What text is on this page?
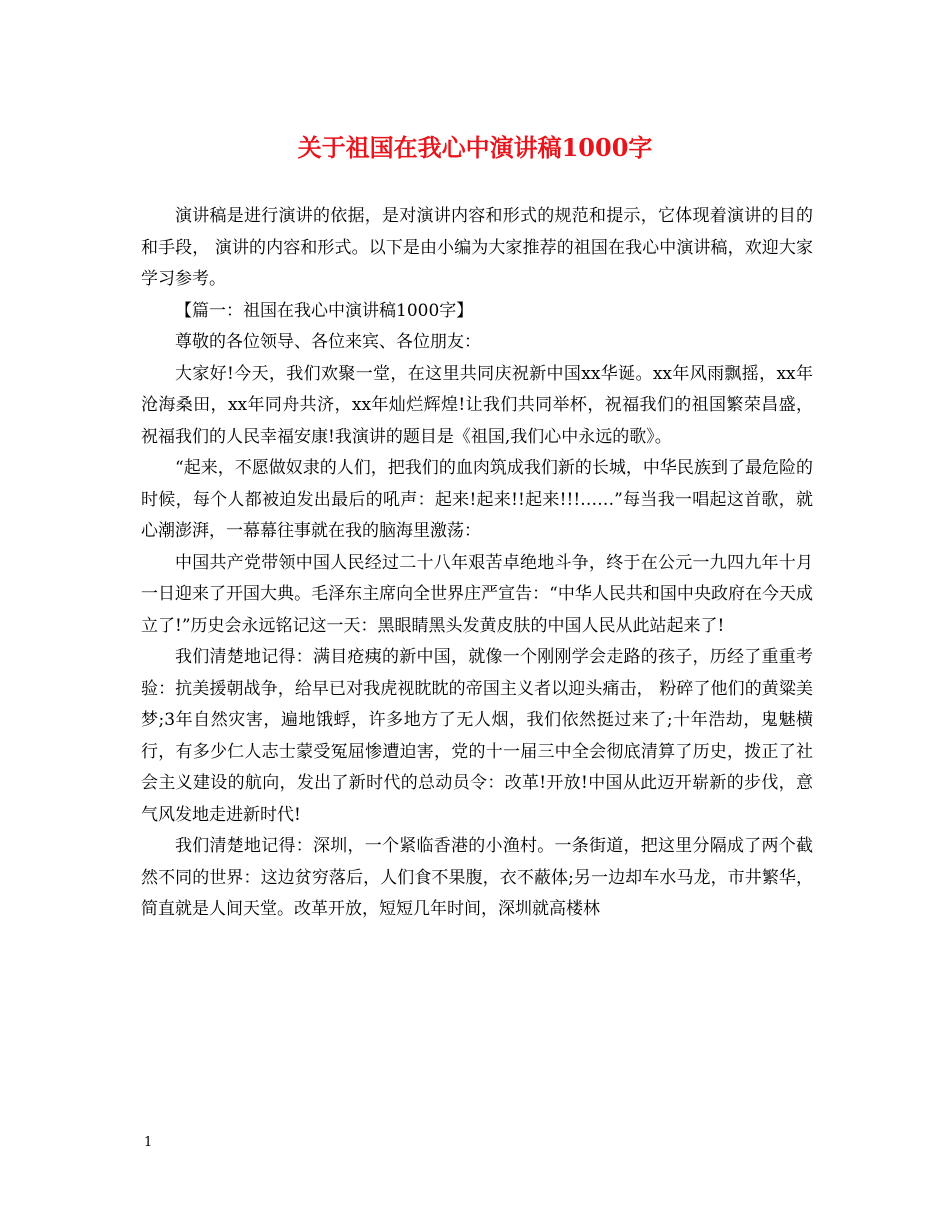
关于祖国在我心中演讲稿1000字

演讲稿是进行演讲的依据，是对演讲内容和形式的规范和提示，它体现着演讲的目的和手段， 演讲的内容和形式。以下是由小编为大家推荐的祖国在我心中演讲稿，欢迎大家学习参考。

【篇一：祖国在我心中演讲稿1000字】

尊敬的各位领导、各位来宾、各位朋友：

大家好!今天，我们欢聚一堂，在这里共同庆祝新中国xx华诞。xx年风雨飘摇，xx年沧海桑田，xx年同舟共济，xx年灿烂辉煌!让我们共同举杯，祝福我们的祖国繁荣昌盛，祝福我们的人民幸福安康!我演讲的题目是《祖国,我们心中永远的歌》。

“起来，不愿做奴隶的人们，把我们的血肉筑成我们新的长城，中华民族到了最危险的时候，每个人都被迫发出最后的吼声：起来!起来!!起来!!!……”每当我一唱起这首歌，就心潮澎湃，一幕幕往事就在我的脑海里激荡：

中国共产党带领中国人民经过二十八年艰苦卓绝地斗争，终于在公元一九四九年十月一日迎来了开国大典。毛泽东主席向全世界庄严宣告：“中华人民共和国中央政府在今天成立了!”历史会永远铭记这一天：黑眼睛黑头发黄皮肤的中国人民从此站起来了!

我们清楚地记得：满目疮痍的新中国，就像一个刚刚学会走路的孩子，历经了重重考验：抗美援朝战争，给早已对我虎视眈眈的帝国主义者以迎头痛击， 粉碎了他们的黄粱美梦;3年自然灾害，遍地饿蜉，许多地方了无人烟，我们依然挺过来了;十年浩劫，鬼魅横行，有多少仁人志士蒙受冤屈惨遭迫害，党的十一届三中全会彻底清算了历史，拨正了社会主义建设的航向，发出了新时代的总动员令：改革!开放!中国从此迈开崭新的步伐，意气风发地走进新时代!

我们清楚地记得：深圳，一个紧临香港的小渔村。一条街道，把这里分隔成了两个截然不同的世界：这边贫穷落后，人们食不果腹，衣不蔽体;另一边却车水马龙，市井繁华，简直就是人间天堂。改革开放，短短几年时间，深圳就高楼林

1
